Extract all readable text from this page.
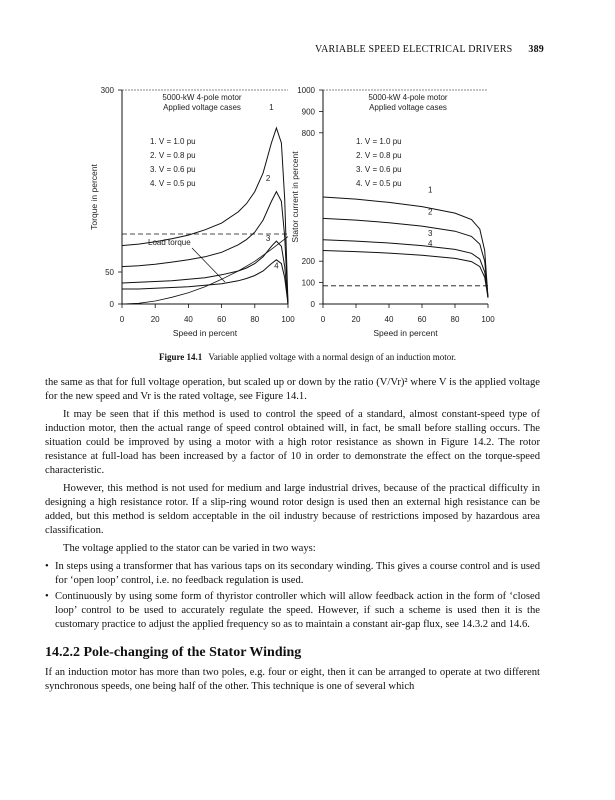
VARIABLE SPEED ELECTRICAL DRIVERS 389
0	20	40	60	80	100
0
50
300
Speed in percent
Torque in percent
5000-kW 4-pole motor
Applied voltage cases
1. V = 1.0 pu
2. V = 0.8 pu
3. V = 0.6 pu
4. V = 0.5 pu
1
2
3
4
Load torque
0	20	40	60	80	100
0
100
200
800
900
1000
Speed in percent
Stator current in percent
5000-kW 4-pole motor
Applied voltage cases
1. V = 1.0 pu
2. V = 0.8 pu
3. V = 0.6 pu
4. V = 0.5 pu
1
2
3
4
Figure 14.1 Variable applied voltage with a normal design of an induction motor.

the same as that for full voltage operation, but scaled up or down by the ratio (V/Vr)² where V is the applied voltage for the new speed and Vr is the rated voltage, see Figure 14.1.

It may be seen that if this method is used to control the speed of a standard, almost constant-speed type of induction motor, then the actual range of speed control obtained will, in fact, be small before stalling occurs. The situation could be improved by using a motor with a high rotor resistance as shown in Figure 14.2. The rotor resistance at full-load has been increased by a factor of 10 in order to demonstrate the effect on the torque-speed characteristic.

However, this method is not used for medium and large industrial drives, because of the practical difficulty in designing a high resistance rotor. If a slip-ring wound rotor design is used then an external high resistance can be added, but this method is seldom acceptable in the oil industry because of restrictions imposed by hazardous area classification.

The voltage applied to the stator can be varied in two ways:

• In steps using a transformer that has various taps on its secondary winding. This gives a course control and is used for ‘open loop’ control, i.e. no feedback regulation is used.
• Continuously by using some form of thyristor controller which will allow feedback action in the form of ‘closed loop’ control to be used to accurately regulate the speed. However, if such a scheme is used then it is the customary practice to adjust the applied frequency so as to maintain a constant air-gap flux, see 14.3.2 and 14.6.
14.2.2 Pole-changing of the Stator Winding

If an induction motor has more than two poles, e.g. four or eight, then it can be arranged to operate at two different synchronous speeds, one being half of the other. This technique is one of several which
